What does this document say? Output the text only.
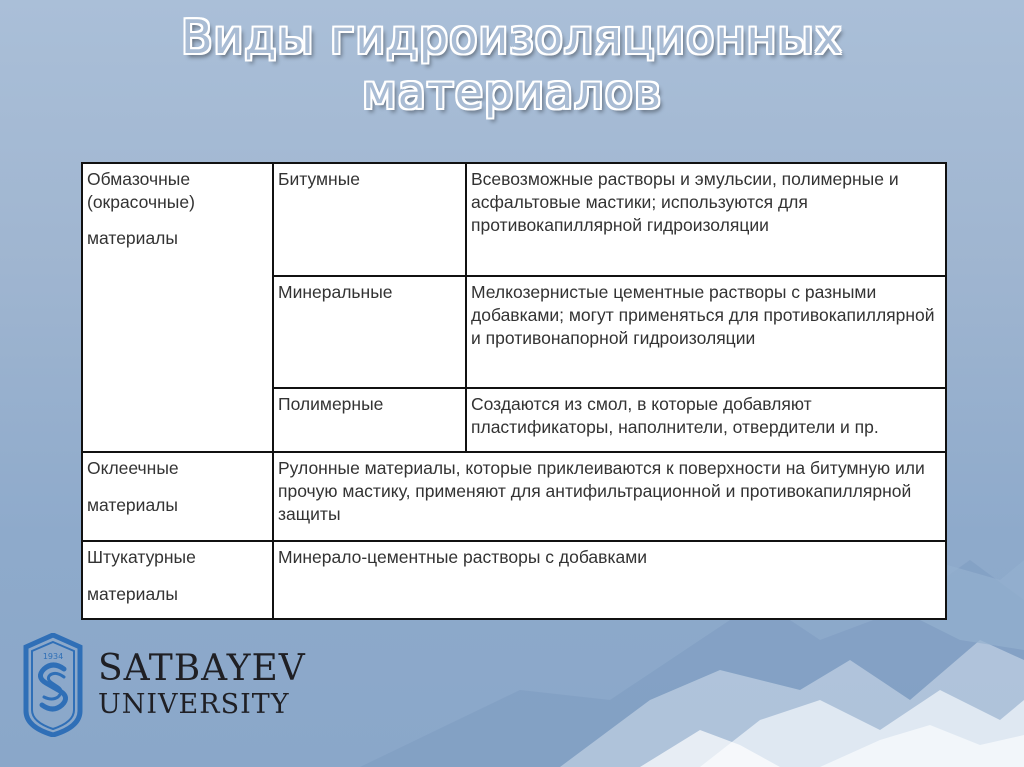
Виды гидроизоляционных
материалов
Обмазочные
(окрасочные)
материалы	Битумные	Всевозможные растворы и эмульсии, полимерные и асфальтовые мастики; используются для противокапиллярной гидроизоляции
	Минеральные	Мелкозернистые цементные растворы с разными добавками; могут применяться для противокапиллярной и противонапорной гидроизоляции
	Полимерные	Создаются из смол, в которые добавляют пластификаторы, наполнители, отвердители и пр.
Оклеечные
материалы	Рулонные материалы, которые приклеиваются к поверхности на битумную или прочую мастику, применяют для антифильтрационной и противокапиллярной защиты	
Штукатурные
материалы	Минерало-цементные растворы с добавками	
1934 SATBAYEV
UNIVERSITY
